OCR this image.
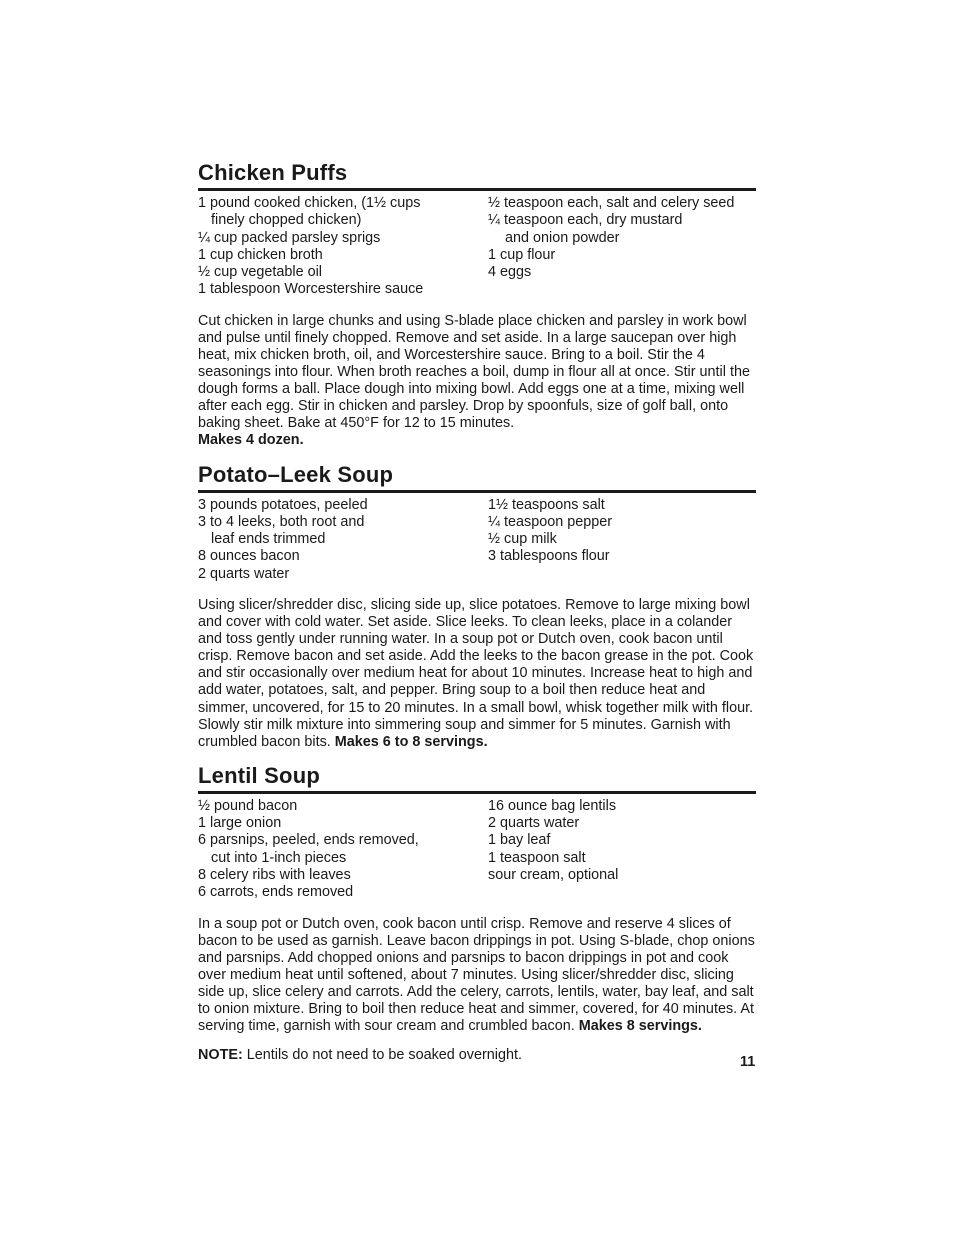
Chicken Puffs
1 pound cooked chicken, (1½ cups
finely chopped chicken)
¼ cup packed parsley sprigs
1 cup chicken broth
½ cup vegetable oil
1 tablespoon Worcestershire sauce
½ teaspoon each, salt and celery seed
¼ teaspoon each, dry mustard
and onion powder
1 cup flour
4 eggs

Cut chicken in large chunks and using S-blade place chicken and parsley in work bowl and pulse until finely chopped. Remove and set aside. In a large saucepan over high heat, mix chicken broth, oil, and Worcestershire sauce. Bring to a boil. Stir the 4 seasonings into flour. When broth reaches a boil, dump in flour all at once. Stir until the dough forms a ball. Place dough into mixing bowl. Add eggs one at a time, mixing well after each egg. Stir in chicken and parsley. Drop by spoonfuls, size of golf ball, onto baking sheet. Bake at 450°F for 12 to 15 minutes.
Makes 4 dozen.

Potato–Leek Soup
3 pounds potatoes, peeled
3 to 4 leeks, both root and
leaf ends trimmed
8 ounces bacon
2 quarts water
1½ teaspoons salt
¼ teaspoon pepper
½ cup milk
3 tablespoons flour

Using slicer/shredder disc, slicing side up, slice potatoes. Remove to large mixing bowl and cover with cold water. Set aside. Slice leeks. To clean leeks, place in a colander and toss gently under running water. In a soup pot or Dutch oven, cook bacon until crisp. Remove bacon and set aside. Add the leeks to the bacon grease in the pot. Cook and stir occasionally over medium heat for about 10 minutes. Increase heat to high and add water, potatoes, salt, and pepper. Bring soup to a boil then reduce heat and simmer, uncovered, for 15 to 20 minutes. In a small bowl, whisk together milk with flour. Slowly stir milk mixture into simmering soup and simmer for 5 minutes. Garnish with crumbled bacon bits. Makes 6 to 8 servings.

Lentil Soup
½ pound bacon
1 large onion
6 parsnips, peeled, ends removed,
cut into 1-inch pieces
8 celery ribs with leaves
6 carrots, ends removed
16 ounce bag lentils
2 quarts water
1 bay leaf
1 teaspoon salt
sour cream, optional

In a soup pot or Dutch oven, cook bacon until crisp. Remove and reserve 4 slices of bacon to be used as garnish. Leave bacon drippings in pot. Using S-blade, chop onions and parsnips. Add chopped onions and parsnips to bacon drippings in pot and cook over medium heat until softened, about 7 minutes. Using slicer/shredder disc, slicing side up, slice celery and carrots. Add the celery, carrots, lentils, water, bay leaf, and salt to onion mixture. Bring to boil then reduce heat and simmer, covered, for 40 minutes. At serving time, garnish with sour cream and crumbled bacon. Makes 8 servings.

NOTE: Lentils do not need to be soaked overnight.	11
